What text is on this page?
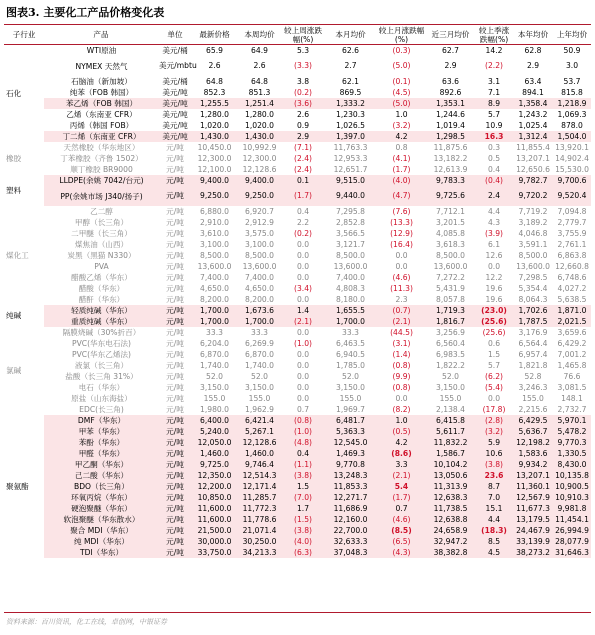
图表3. 主要化工产品价格变化表
子行业	产品	单位	最新价格	本周均价	较上周涨跌幅(%)	本月均价	较上月涨跌幅(%)	近三月均价	较上季涨跌幅(%)	本年均价	上年均价
石化	WTI原油	美元/桶	65.9	64.9	5.3	62.6	(0.3)	62.7	14.2	62.8	50.9
	NYMEX 天然气	美元/mbtu	2.6	2.6	(3.3)	2.7	(5.0)	2.9	(2.2)	2.9	3.0
	石脑油（新加坡）	美元/桶	64.8	64.8	3.8	62.1	(0.1)	63.6	3.1	63.4	53.7
	纯苯（FOB 韩国）	美元/吨	852.3	851.3	(0.2)	869.5	(4.5)	892.6	7.1	894.1	815.8
	苯乙烯（FOB 韩国）	美元/吨	1,255.5	1,251.4	(3.6)	1,333.2	(5.0)	1,353.1	8.9	1,358.4	1,218.9
	乙烯（东南亚 CFR）	美元/吨	1,280.0	1,280.0	2.6	1,230.3	1.0	1,244.6	5.7	1,243.2	1,069.3
	丙烯（韩国 FOB）	美元/吨	1,020.0	1,020.0	0.9	1,026.5	(3.2)	1,019.4	10.9	1,025.4	878.0
	丁二烯（东南亚 CFR）	美元/吨	1,430.0	1,430.0	2.9	1,397.0	4.2	1,298.5	16.3	1,312.4	1,504.0
橡胶	天然橡胶（华东地区）	元/吨	10,450.0	10,992.9	(7.1)	11,763.3	0.8	11,875.6	0.3	11,855.4	13,920.1
	丁苯橡胶（齐鲁 1502）	元/吨	12,300.0	12,300.0	(2.4)	12,953.3	(4.1)	13,182.2	0.5	13,207.1	14,902.4
	顺丁橡胶 BR9000	元/吨	12,100.0	12,128.6	(2.4)	12,651.7	(1.7)	12,613.9	0.4	12,650.6	15,530.0
塑料	LLDPE(余姚 7042/台元)	元/吨	9,400.0	9,400.0	0.1	9,515.0	(4.0)	9,783.3	(0.4)	9,782.7	9,700.6
	PP(余姚市场 J340/扬子)	元/吨	9,250.0	9,250.0	(1.7)	9,440.0	(4.7)	9,725.6	2.4	9,720.2	9,520.4
煤化工	乙二醇	元/吨	6,880.0	6,920.7	0.4	7,295.8	(7.6)	7,712.1	4.4	7,719.2	7,094.8
	甲醇（长三角）	元/吨	2,910.0	2,912.9	2.2	2,852.8	(13.3)	3,201.5	4.3	3,189.2	2,779.7
	二甲醚（长三角）	元/吨	3,610.0	3,575.0	(0.2)	3,566.5	(12.9)	4,085.8	(3.9)	4,046.8	3,755.9
	煤焦油（山西）	元/吨	3,100.0	3,100.0	0.0	3,121.7	(16.4)	3,618.3	6.1	3,591.1	2,761.1
	炭黑（黑猫 N330）	元/吨	8,500.0	8,500.0	0.0	8,500.0	0.0	8,500.0	12.6	8,500.0	6,863.8
	PVA	元/吨	13,600.0	13,600.0	0.0	13,600.0	0.0	13,600.0	0.0	13,600.0	12,660.8
	醋酸乙烯（华东）	元/吨	7,400.0	7,400.0	0.0	7,400.0	(4.6)	7,272.2	12.2	7,298.5	6,748.6
	醋酸（华东）	元/吨	4,650.0	4,650.0	(3.4)	4,808.3	(11.3)	5,431.9	19.6	5,354.4	4,027.2
	醋酐（华东）	元/吨	8,200.0	8,200.0	0.0	8,180.0	2.3	8,057.8	19.6	8,064.3	5,638.5
纯碱	轻质纯碱（华东）	元/吨	1,700.0	1,673.6	1.4	1,655.5	(0.7)	1,719.3	(23.0)	1,702.6	1,871.0
	重质纯碱（华东）	元/吨	1,700.0	1,700.0	(2.1)	1,700.0	(2.1)	1,816.7	(25.6)	1,787.5	2,021.5
氯碱	隔膜烧碱（30%折百）	元/吨	33.3	33.3	0.0	33.3	(44.5)	3,256.9	(25.6)	3,176.9	3,659.6
	PVC(华东电石法)	元/吨	6,204.0	6,269.9	(1.0)	6,463.5	(3.1)	6,560.4	0.6	6,564.4	6,429.2
	PVC(华东乙烯法)	元/吨	6,870.0	6,870.0	0.0	6,940.5	(1.4)	6,983.5	1.5	6,957.4	7,001.2
	液氯（长三角）	元/吨	1,740.0	1,740.0	0.0	1,785.0	(0.8)	1,822.2	5.7	1,821.8	1,465.8
	盐酸（长三角 31%）	元/吨	52.0	52.0	0.0	52.0	(9.9)	52.0	(6.2)	52.8	76.6
	电石（华东）	元/吨	3,150.0	3,150.0	0.0	3,150.0	(0.8)	3,150.0	(5.4)	3,246.3	3,081.5
	原盐（山东海盐）	元/吨	155.0	155.0	0.0	155.0	0.0	155.0	0.0	155.0	148.1
	EDC(长三角)	元/吨	1,980.0	1,962.9	0.7	1,969.7	(8.2)	2,138.4	(17.8)	2,215.6	2,732.7
聚氨酯	DMF（华东）	元/吨	6,400.0	6,421.4	(0.8)	6,481.7	1.0	6,415.8	(2.8)	6,429.5	5,970.1
	甲苯（华东）	元/吨	5,240.0	5,267.1	(1.0)	5,363.3	(0.5)	5,611.7	(3.2)	5,636.7	5,478.2
	苯酚（华东）	元/吨	12,050.0	12,128.6	(4.8)	12,545.0	4.2	11,832.2	5.9	12,198.2	9,770.3
	甲醛（华东）	元/吨	1,460.0	1,460.0	0.4	1,469.3	(8.6)	1,586.7	10.6	1,583.6	1,330.5
	甲乙酮（华东）	元/吨	9,725.0	9,746.4	(1.1)	9,770.8	3.3	10,104.2	(3.8)	9,934.2	8,430.0
	己二酸（华东）	元/吨	12,350.0	12,514.3	(3.8)	13,248.3	(2.1)	13,050.6	23.6	13,207.1	10,135.8
	BDO（长三角）	元/吨	12,200.0	12,171.4	1.5	11,853.3	5.4	11,313.9	8.7	11,360.1	10,900.5
	环氧丙烷（华东）	元/吨	10,850.0	11,285.7	(7.0)	12,271.7	(1.7)	12,638.3	7.0	12,567.9	10,910.3
	硬泡聚醚（华东）	元/吨	11,600.0	11,772.3	1.7	11,686.9	0.7	11,738.5	15.1	11,677.3	9,981.8
	软泡聚醚（华东散水）	元/吨	11,600.0	11,778.6	(1.5)	12,160.0	(4.6)	12,638.8	4.4	13,179.5	11,454.1
	聚合 MDI（华东）	元/吨	21,500.0	21,071.4	(3.8)	22,700.0	(8.5)	24,658.9	(18.3)	24,467.9	26,994.9
	纯 MDI（华东）	元/吨	30,000.0	30,250.0	(4.0)	32,633.3	(6.5)	32,947.2	8.5	33,139.9	28,077.9
	TDI（华东）	元/吨	33,750.0	34,213.3	(6.3)	37,048.3	(4.3)	38,382.8	4.5	38,273.2	31,646.3
资料来源：百川资讯，化工在线，卓创网，中银证券
